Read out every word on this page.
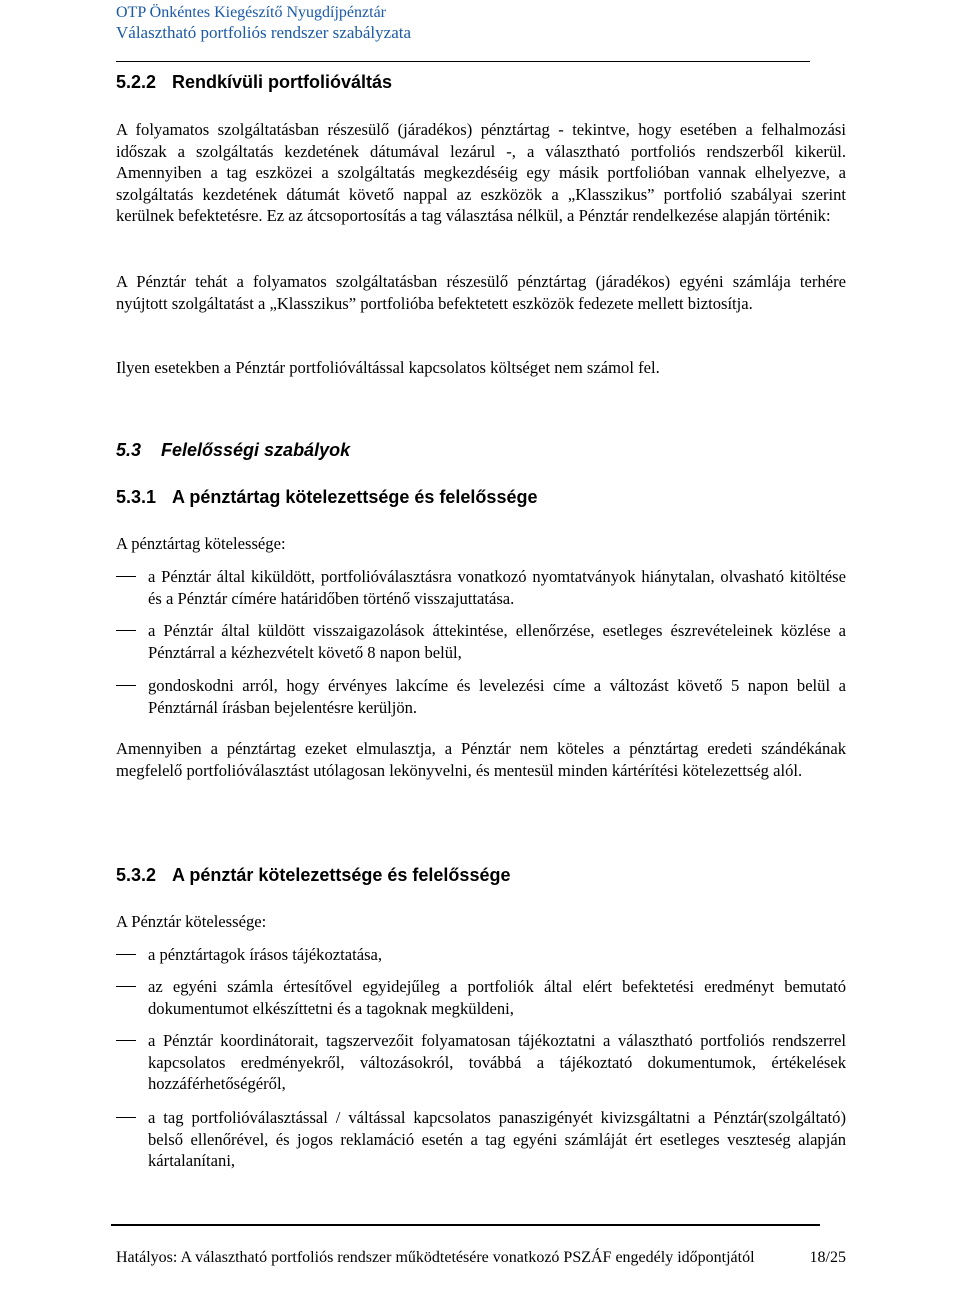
OTP Önkéntes Kiegészítő Nyugdíjpénztár
Választható portfoliós rendszer szabályzata
5.2.2 Rendkívüli portfolióváltás

A folyamatos szolgáltatásban részesülő (járadékos) pénztártag - tekintve, hogy esetében a felhalmozási időszak a szolgáltatás kezdetének dátumával lezárul -, a választható portfoliós rendszerből kikerül. Amennyiben a tag eszközei a szolgáltatás megkezdéséig egy másik portfolióban vannak elhelyezve, a szolgáltatás kezdetének dátumát követő nappal az eszközök a „Klasszikus” portfolió szabályai szerint kerülnek befektetésre. Ez az átcsoportosítás a tag választása nélkül, a Pénztár rendelkezése alapján történik:

A Pénztár tehát a folyamatos szolgáltatásban részesülő pénztártag (járadékos) egyéni számlája terhére nyújtott szolgáltatást a „Klasszikus” portfolióba befektetett eszközök fedezete mellett biztosítja.

Ilyen esetekben a Pénztár portfolióváltással kapcsolatos költséget nem számol fel.

5.3 Felelősségi szabályok
5.3.1 A pénztártag kötelezettsége és felelőssége

A pénztártag kötelessége:

a Pénztár által kiküldött, portfolióválasztásra vonatkozó nyomtatványok hiánytalan, olvasható kitöltése és a Pénztár címére határidőben történő visszajuttatása.

a Pénztár által küldött visszaigazolások áttekintése, ellenőrzése, esetleges észrevételeinek közlése a Pénztárral a kézhezvételt követő 8 napon belül,

gondoskodni arról, hogy érvényes lakcíme és levelezési címe a változást követő 5 napon belül a Pénztárnál írásban bejelentésre kerüljön.

Amennyiben a pénztártag ezeket elmulasztja, a Pénztár nem köteles a pénztártag eredeti szándékának megfelelő portfolióválasztást utólagosan lekönyvelni, és mentesül minden kártérítési kötelezettség alól.

5.3.2 A pénztár kötelezettsége és felelőssége

A Pénztár kötelessége:

a pénztártagok írásos tájékoztatása,

az egyéni számla értesítővel egyidejűleg a portfoliók által elért befektetési eredményt bemutató dokumentumot elkészíttetni és a tagoknak megküldeni,

a Pénztár koordinátorait, tagszervezőit folyamatosan tájékoztatni a választható portfoliós rendszerrel kapcsolatos eredményekről, változásokról, továbbá a tájékoztató dokumentumok, értékelések hozzáférhetőségéről,

a tag portfolióválasztással / váltással kapcsolatos panaszigényét kivizsgáltatni a Pénztár(szolgáltató) belső ellenőrével, és jogos reklamáció esetén a tag egyéni számláját ért esetleges veszteség alapján kártalanítani,

Hatályos: A választható portfoliós rendszer működtetésére vonatkozó PSZÁF engedély időpontjától	18/25
